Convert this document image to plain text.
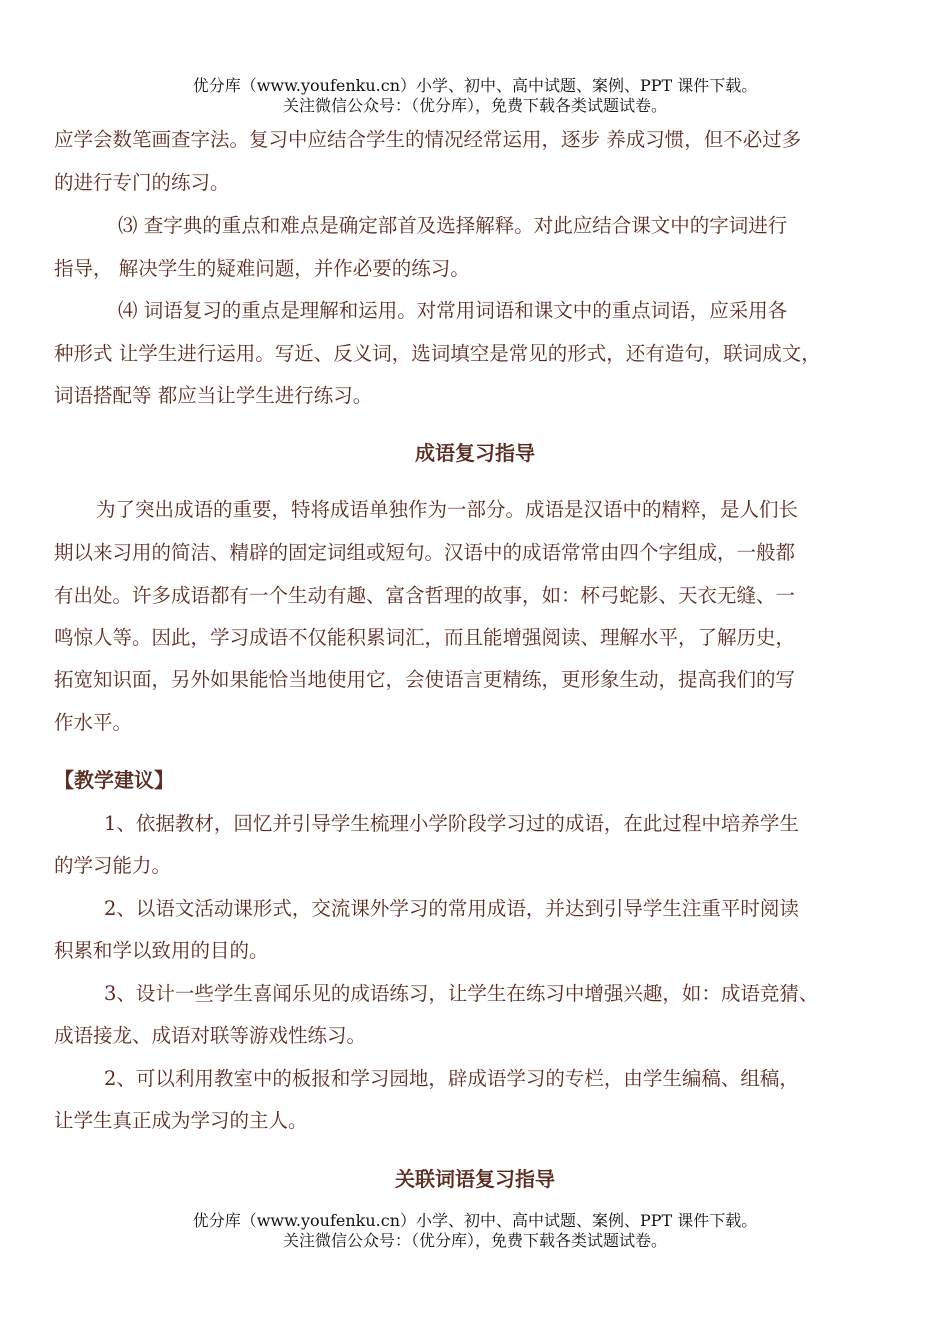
优分库（www.youfenku.cn）小学、初中、高中试题、案例、PPT 课件下载。
关注微信公众号：（优分库），免费下载各类试题试卷。
应学会数笔画查字法。复习中应结合学生的情况经常运用，逐步 养成习惯，但不必过多
的进行专门的练习。
⑶ 查字典的重点和难点是确定部首及选择解释。对此应结合课文中的字词进行
指导， 解决学生的疑难问题，并作必要的练习。
⑷ 词语复习的重点是理解和运用。对常用词语和课文中的重点词语，应采用各
种形式 让学生进行运用。写近、反义词，选词填空是常见的形式，还有造句，联词成文，
词语搭配等 都应当让学生进行练习。
成语复习指导
为了突出成语的重要，特将成语单独作为一部分。成语是汉语中的精粹，是人们长
期以来习用的简洁、精辟的固定词组或短句。汉语中的成语常常由四个字组成，一般都
有出处。许多成语都有一个生动有趣、富含哲理的故事，如：杯弓蛇影、天衣无缝、一
鸣惊人等。因此，学习成语不仅能积累词汇，而且能增强阅读、理解水平，了解历史，
拓宽知识面，另外如果能恰当地使用它，会使语言更精练，更形象生动，提高我们的写
作水平。
【教学建议】
1、依据教材，回忆并引导学生梳理小学阶段学习过的成语，在此过程中培养学生
的学习能力。
2、以语文活动课形式，交流课外学习的常用成语，并达到引导学生注重平时阅读
积累和学以致用的目的。
3、设计一些学生喜闻乐见的成语练习，让学生在练习中增强兴趣，如：成语竞猜、
成语接龙、成语对联等游戏性练习。
2、可以利用教室中的板报和学习园地，辟成语学习的专栏，由学生编稿、组稿，
让学生真正成为学习的主人。
关联词语复习指导
优分库（www.youfenku.cn）小学、初中、高中试题、案例、PPT 课件下载。
关注微信公众号：（优分库），免费下载各类试题试卷。
